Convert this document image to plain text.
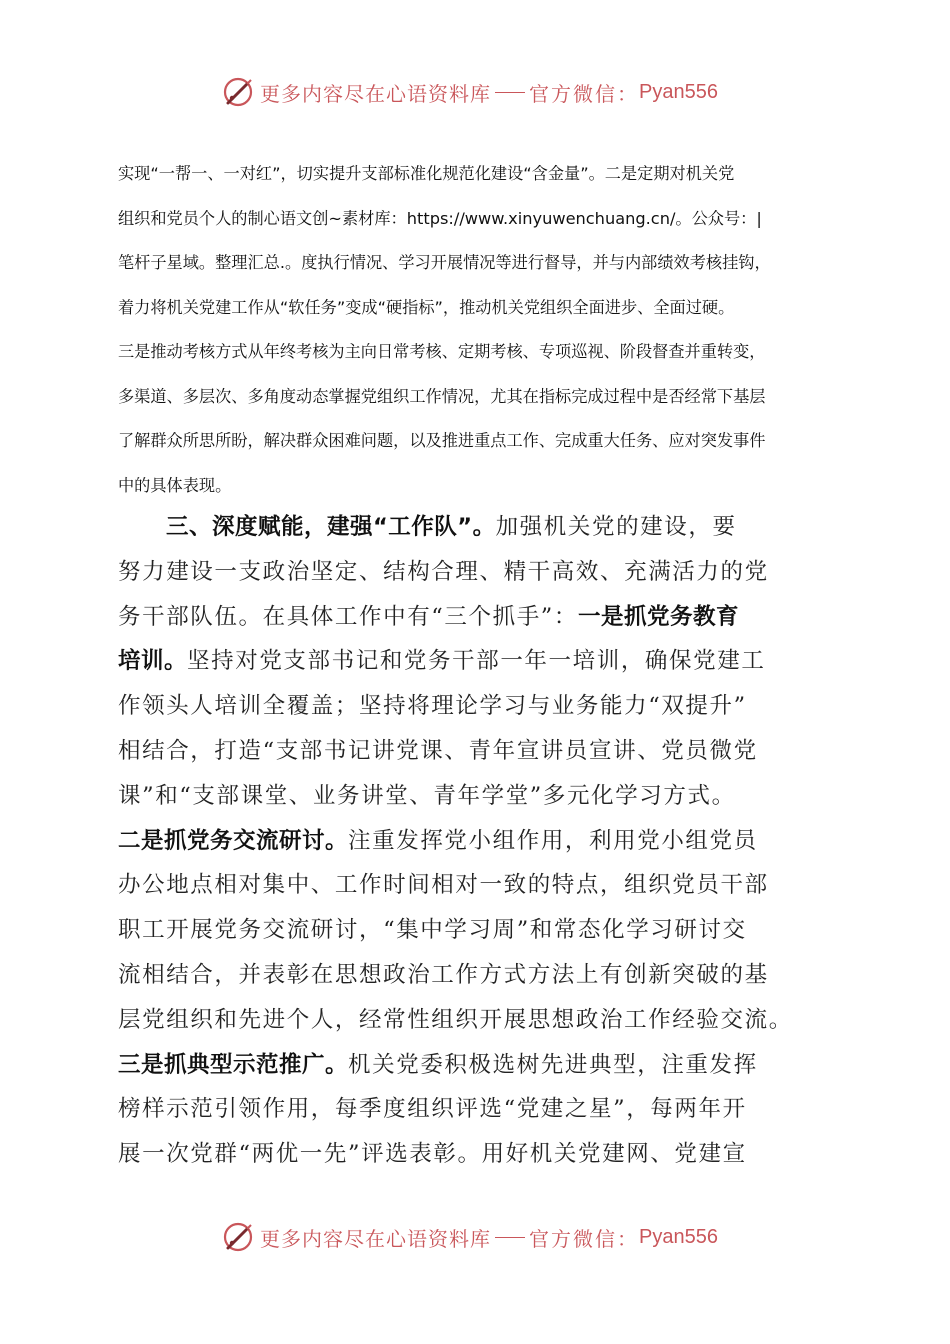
更多内容尽在心语资料库 官方微信： Pyan556
实现“一帮一、一对红”，切实提升支部标准化规范化建设“含金量”。二是定期对机关党
组织和党员个人的制心语文创~素材库：https://www.xinyuwenchuang.cn/。公众号：|
笔杆子星域。整理汇总.。度执行情况、学习开展情况等进行督导，并与内部绩效考核挂钩，
着力将机关党建工作从“软任务”变成“硬指标”，推动机关党组织全面进步、全面过硬。
三是推动考核方式从年终考核为主向日常考核、定期考核、专项巡视、阶段督查并重转变，
多渠道、多层次、多角度动态掌握党组织工作情况，尤其在指标完成过程中是否经常下基层
了解群众所思所盼，解决群众困难问题，以及推进重点工作、完成重大任务、应对突发事件
中的具体表现。
三、深度赋能，建强“工作队”。加强机关党的建设，要
努力建设一支政治坚定、结构合理、精干高效、充满活力的党
务干部队伍。在具体工作中有“三个抓手”：一是抓党务教育
培训。坚持对党支部书记和党务干部一年一培训，确保党建工
作领头人培训全覆盖；坚持将理论学习与业务能力“双提升”
相结合，打造“支部书记讲党课、青年宣讲员宣讲、党员微党
课”和“支部课堂、业务讲堂、青年学堂”多元化学习方式。
二是抓党务交流研讨。注重发挥党小组作用，利用党小组党员
办公地点相对集中、工作时间相对一致的特点，组织党员干部
职工开展党务交流研讨，“集中学习周”和常态化学习研讨交
流相结合，并表彰在思想政治工作方式方法上有创新突破的基
层党组织和先进个人，经常性组织开展思想政治工作经验交流。
三是抓典型示范推广。机关党委积极选树先进典型，注重发挥
榜样示范引领作用，每季度组织评选“党建之星”，每两年开
展一次党群“两优一先”评选表彰。用好机关党建网、党建宣
更多内容尽在心语资料库 官方微信： Pyan556
